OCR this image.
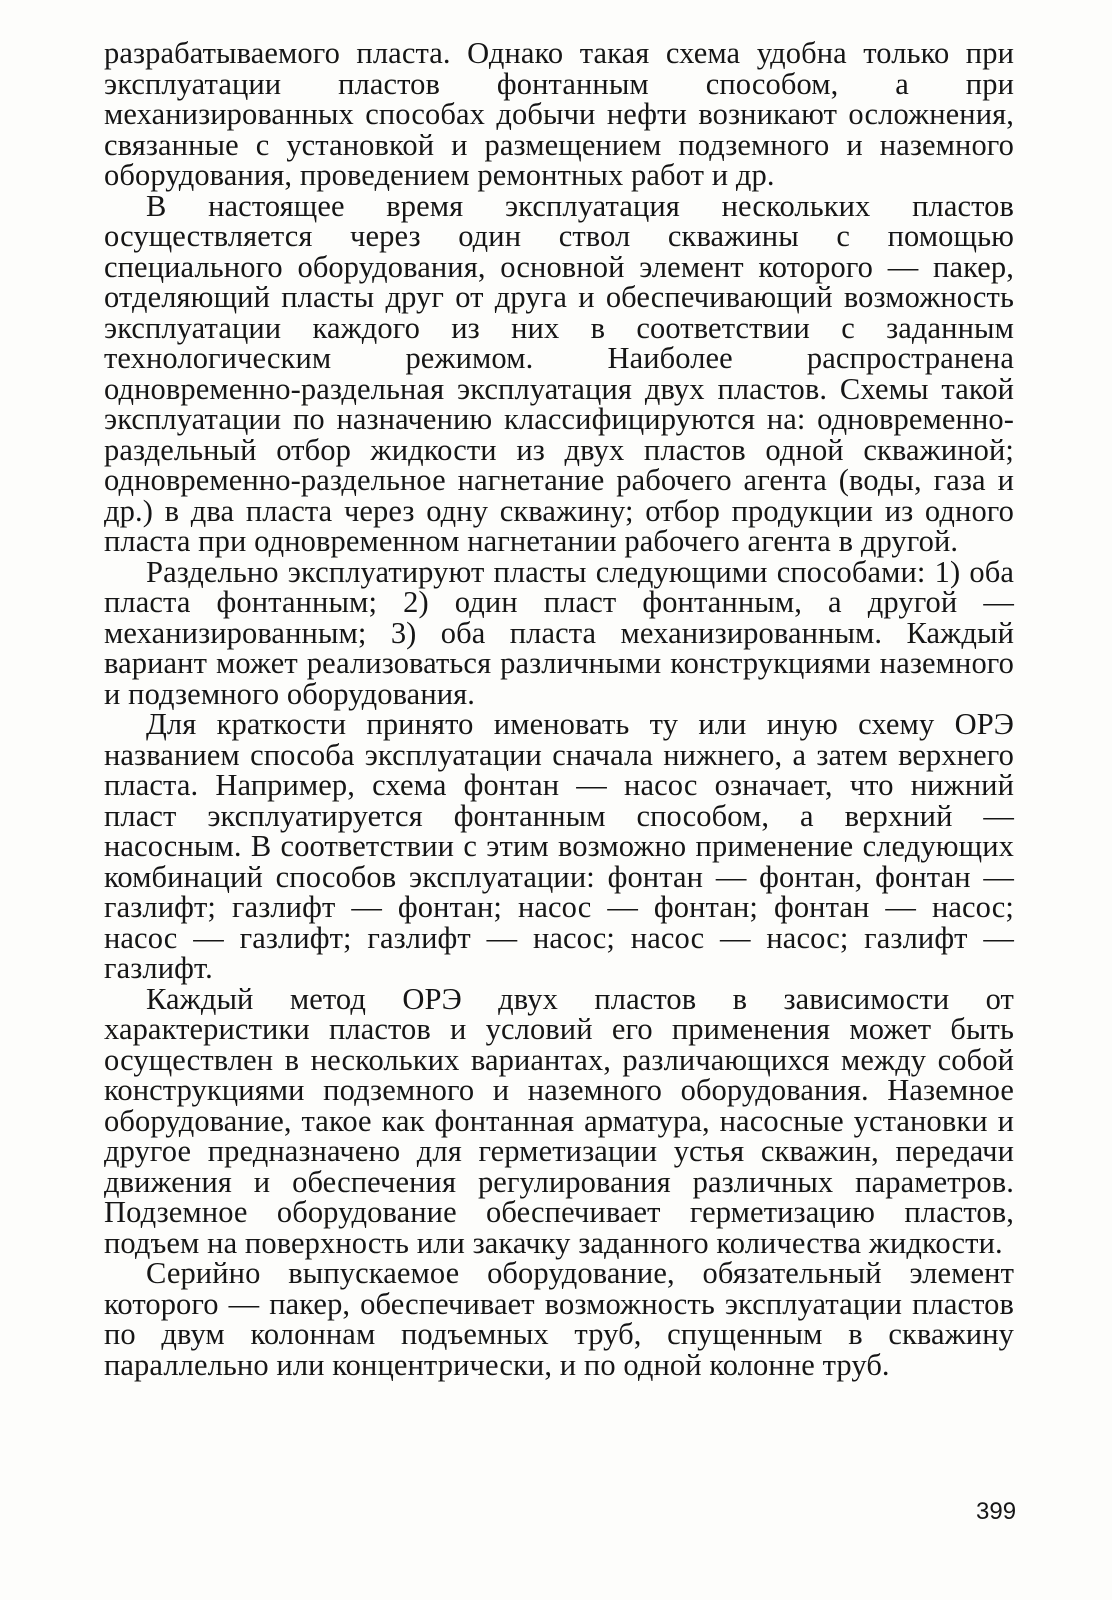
разрабатываемого пласта. Однако такая схема удобна только при эксплуатации пластов фонтанным способом, а при механизированных способах добычи нефти возникают осложнения, связанные с установкой и размещением подземного и наземного оборудования, проведением ремонтных работ и др.

В настоящее время эксплуатация нескольких пластов осуществляется через один ствол скважины с помощью специального оборудования, основной элемент которого — пакер, отделяющий пласты друг от друга и обеспечивающий возможность эксплуатации каждого из них в соответствии с заданным технологическим режимом. Наиболее распространена одновременно-раздельная эксплуатация двух пластов. Схемы такой эксплуатации по назначению классифицируются на: одновременно-раздельный отбор жидкости из двух пластов одной скважиной; одновременно-раздельное нагнетание рабочего агента (воды, газа и др.) в два пласта через одну скважину; отбор продукции из одного пласта при одновременном нагнетании рабочего агента в другой.

Раздельно эксплуатируют пласты следующими способами: 1) оба пласта фонтанным; 2) один пласт фонтанным, а другой — механизированным; 3) оба пласта механизированным. Каждый вариант может реализоваться различными конструкциями наземного и подземного оборудования.

Для краткости принято именовать ту или иную схему ОРЭ названием способа эксплуатации сначала нижнего, а затем верхнего пласта. Например, схема фонтан — насос означает, что нижний пласт эксплуатируется фонтанным способом, а верхний — насосным. В соответствии с этим возможно применение следующих комбинаций способов эксплуатации: фонтан — фонтан, фонтан — газлифт; газлифт — фонтан; насос — фонтан; фонтан — насос; насос — газлифт; газлифт — насос; насос — насос; газлифт — газлифт.

Каждый метод ОРЭ двух пластов в зависимости от характеристики пластов и условий его применения может быть осуществлен в нескольких вариантах, различающихся между собой конструкциями подземного и наземного оборудования. Наземное оборудование, такое как фонтанная арматура, насосные установки и другое предназначено для герметизации устья скважин, передачи движения и обеспечения регулирования различных параметров. Подземное оборудование обеспечивает герметизацию пластов, подъем на поверхность или закачку заданного количества жидкости.

Серийно выпускаемое оборудование, обязательный элемент которого — пакер, обеспечивает возможность эксплуатации пластов по двум колоннам подъемных труб, спущенным в скважину параллельно или концентрически, и по одной колонне труб.

399
